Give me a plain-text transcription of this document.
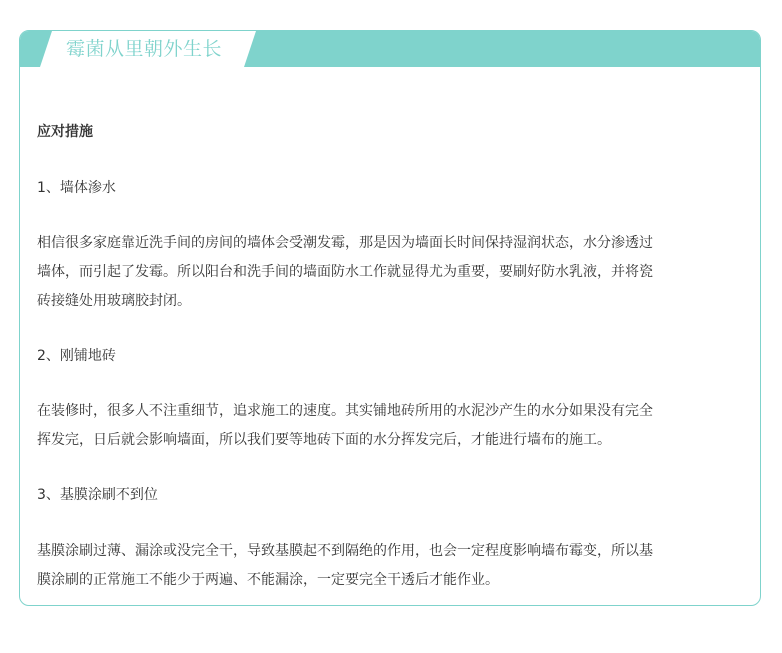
霉菌从里朝外生长
应对措施
1、墙体渗水
相信很多家庭靠近洗手间的房间的墙体会受潮发霉，那是因为墙面长时间保持湿润状态，水分渗透过
墙体，而引起了发霉。所以阳台和洗手间的墙面防水工作就显得尤为重要，要刷好防水乳液，并将瓷
砖接缝处用玻璃胶封闭。
2、刚铺地砖
在装修时，很多人不注重细节，追求施工的速度。其实铺地砖所用的水泥沙产生的水分如果没有完全
挥发完，日后就会影响墙面，所以我们要等地砖下面的水分挥发完后，才能进行墙布的施工。
3、基膜涂刷不到位
基膜涂刷过薄、漏涂或没完全干，导致基膜起不到隔绝的作用，也会一定程度影响墙布霉变，所以基
膜涂刷的正常施工不能少于两遍、不能漏涂，一定要完全干透后才能作业。
